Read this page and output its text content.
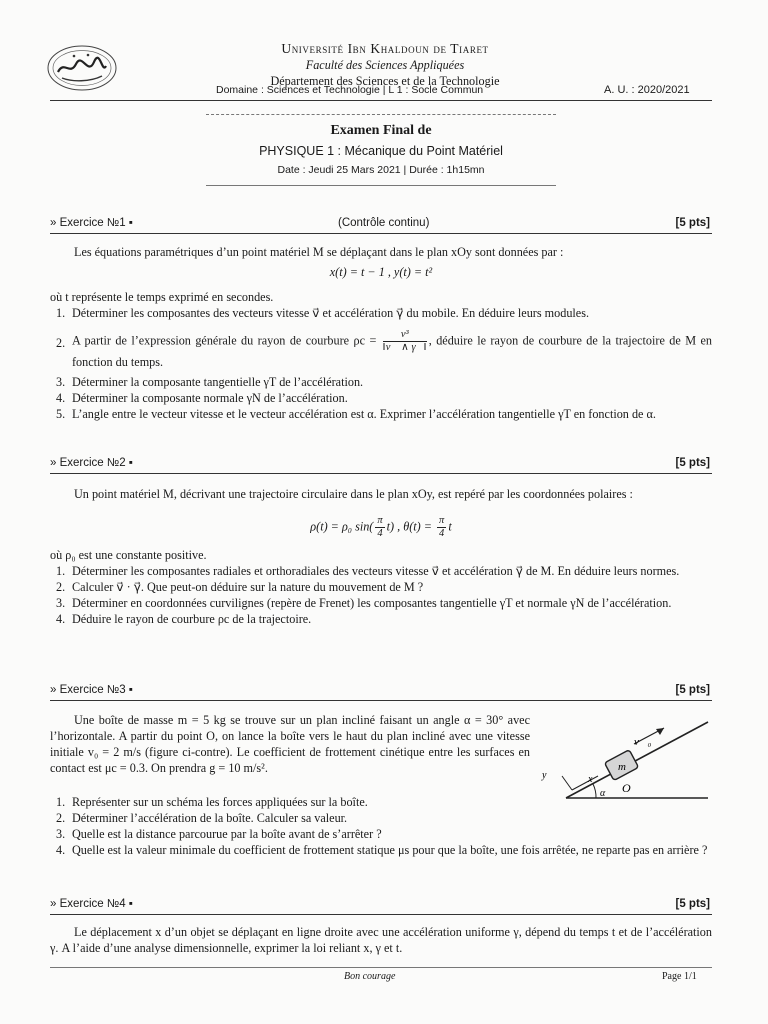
Université Ibn Khaldoun de Tiaret
Faculté des Sciences Appliquées
Département des Sciences et de la Technologie
Domaine : Sciences et Technologie | L 1 : Socle Commun	A. U. : 2020/2021
Examen Final de
PHYSIQUE 1 : Mécanique du Point Matériel
Date : Jeudi 25 Mars 2021 | Durée : 1h15mn
» Exercice №1 ▪	(Contrôle continu)	[5 pts]
Les équations paramétriques d’un point matériel M se déplaçant dans le plan xOy sont données par :
x(t) = t − 1 , y(t) = t²
où t représente le temps exprimé en secondes.
1. Déterminer les composantes des vecteurs vitesse v⃗ et accélération γ⃗ du mobile. En déduire leurs modules.
2. A partir de l’expression générale du rayon de courbure $\rho c = \frac{\text{v³}}{‖v⃗ \wedge \gamma⃗‖}$ , déduire le rayon de courbure de la trajectoire de M en fonction du temps.
3. Déterminer la composante tangentielle γT de l’accélération.
4. Déterminer la composante normale γN de l’accélération.
5. L’angle entre le vecteur vitesse et le vecteur accélération est α. Exprimer l’accélération tangentielle γT en fonction de α.
» Exercice №2 ▪	[5 pts]
Un point matériel M, décrivant une trajectoire circulaire dans le plan xOy, est repéré par les coordonnées polaires :
ρ(t) = ρ₀ $\sin( \frac{\pi}{4} t)$ , $\theta(t) = \frac{\pi}{4}$ t
où ρ₀ est une constante positive.
1. Déterminer les composantes radiales et orthoradiales des vecteurs vitesse v⃗ et accélération γ⃗ de M. En déduire leurs normes.
2. Calculer v⃗ · γ⃗. Que peut-on déduire sur la nature du mouvement de M ?
3. Déterminer en coordonnées curvilignes (repère de Frenet) les composantes tangentielle γT et normale γN de l’accélération.
4. Déduire le rayon de courbure ρc de la trajectoire.
» Exercice №3 ▪	[5 pts]
Une boîte de masse m = 5 kg se trouve sur un plan incliné faisant un angle α = 30° avec l’horizontale. A partir du point O, on lance la boîte vers le haut du plan incliné avec une vitesse initiale v₀ = 2 m/s (figure ci-contre). Le coefficient de frottement cinétique entre les surfaces en contact est μc = 0.3. On prendra g = 10 m/s².
v⃗₀
m
x
y
O
α
1. Représenter sur un schéma les forces appliquées sur la boîte.
2. Déterminer l’accélération de la boîte. Calculer sa valeur.
3. Quelle est la distance parcourue par la boîte avant de s’arrêter ?
4. Quelle est la valeur minimale du coefficient de frottement statique μs pour que la boîte, une fois arrêtée, ne reparte pas en arrière ?
» Exercice №4 ▪	[5 pts]
Le déplacement x d’un objet se déplaçant en ligne droite avec une accélération uniforme γ, dépend du temps t et de l’accélération γ. A l’aide d’une analyse dimensionnelle, exprimer la loi reliant x, γ et t.
Bon courage	Page 1/1
